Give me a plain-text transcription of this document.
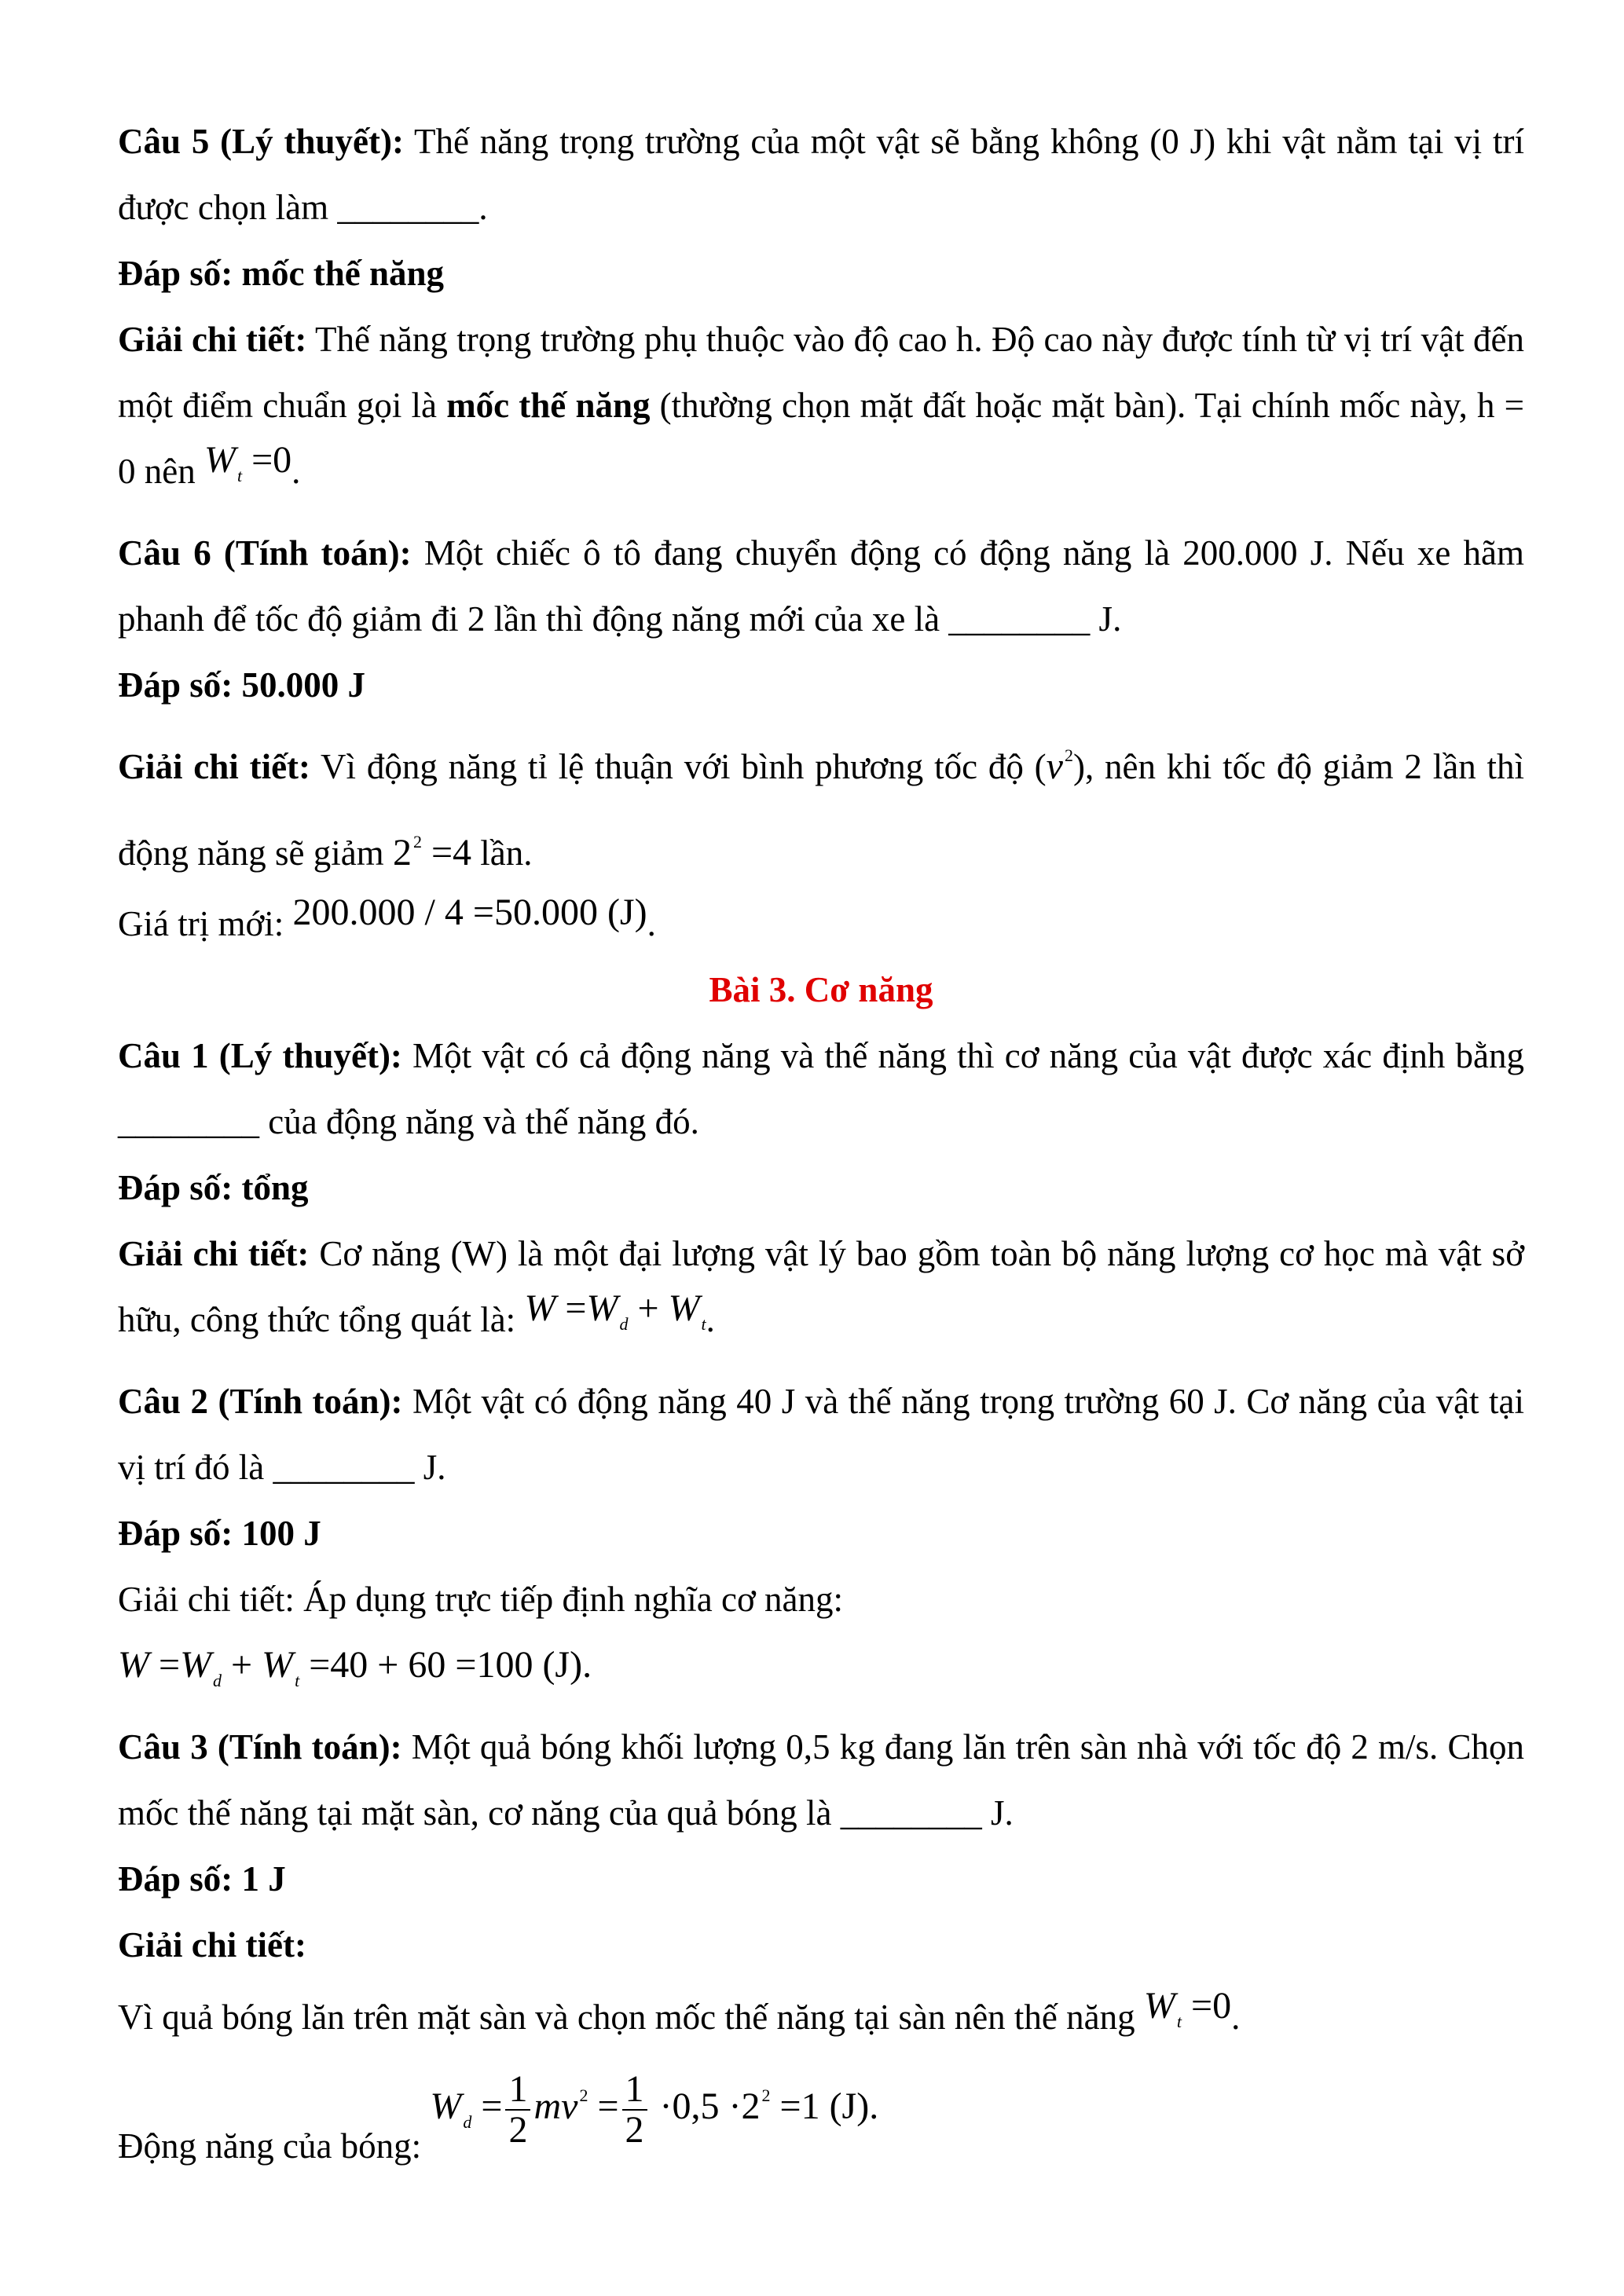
Câu 5 (Lý thuyết): Thế năng trọng trường của một vật sẽ bằng không (0 J) khi vật nằm tại vị trí được chọn làm ________.

Đáp số: mốc thế năng

Giải chi tiết: Thế năng trọng trường phụ thuộc vào độ cao h. Độ cao này được tính từ vị trí vật đến một điểm chuẩn gọi là mốc thế năng (thường chọn mặt đất hoặc mặt bàn). Tại chính mốc này, h = 0 nên $W_t =0$.

Câu 6 (Tính toán): Một chiếc ô tô đang chuyển động có động năng là 200.000 J. Nếu xe hãm phanh để tốc độ giảm đi 2 lần thì động năng mới của xe là ________ J.

Đáp số: 50.000 J

Giải chi tiết: Vì động năng tỉ lệ thuận với bình phương tốc độ $(v^2)$, nên khi tốc độ giảm 2 lần thì động năng sẽ giảm $2^2 =4$ lần.

Giá trị mới: 200.000 / 4 =50.000 (J).

Bài 3. Cơ năng

Câu 1 (Lý thuyết): Một vật có cả động năng và thế năng thì cơ năng của vật được xác định bằng ________ của động năng và thế năng đó.

Đáp số: tổng

Giải chi tiết: Cơ năng (W) là một đại lượng vật lý bao gồm toàn bộ năng lượng cơ học mà vật sở hữu, công thức tổng quát là: $W =W_d + W_t$.

Câu 2 (Tính toán): Một vật có động năng 40 J và thế năng trọng trường 60 J. Cơ năng của vật tại vị trí đó là ________ J.

Đáp số: 100 J

Giải chi tiết: Áp dụng trực tiếp định nghĩa cơ năng:

$W =W_d + W_t =40 + 60 =100$ (J).

Câu 3 (Tính toán): Một quả bóng khối lượng 0,5 kg đang lăn trên sàn nhà với tốc độ 2 m/s. Chọn mốc thế năng tại mặt sàn, cơ năng của quả bóng là ________ J.

Đáp số: 1 J

Giải chi tiết:

Vì quả bóng lăn trên mặt sàn và chọn mốc thế năng tại sàn nên thế năng $W_t =0$.

Động năng của bóng: $W_d = \frac{1}{2} mv^2 = \frac{1}{2} \cdot 0,5 \cdot 2^2 =1$ (J).
